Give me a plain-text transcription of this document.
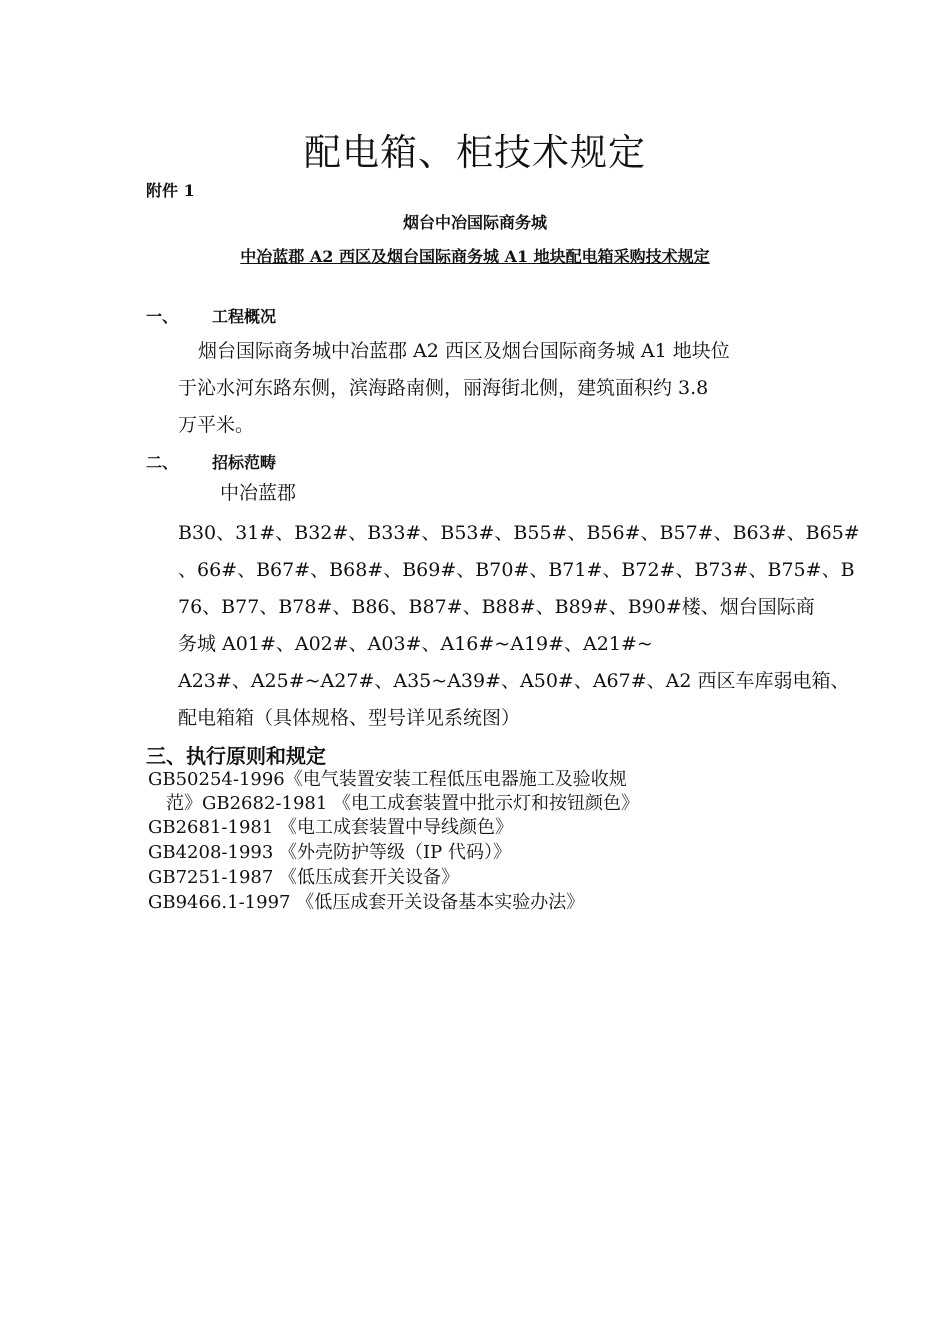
配电箱、柜技术规定
附件 1
烟台中冶国际商务城
中冶蓝郡 A2 西区及烟台国际商务城 A1 地块配电箱采购技术规定
一、 工程概况
烟台国际商务城中冶蓝郡 A2 西区及烟台国际商务城 A1 地块位
于沁水河东路东侧，滨海路南侧，丽海街北侧，建筑面积约 3.8
万平米。
二、 招标范畴
中冶蓝郡
B30、31#、B32#、B33#、B53#、B55#、B56#、B57#、B63#、B65#
、66#、B67#、B68#、B69#、B70#、B71#、B72#、B73#、B75#、B
76、B77、B78#、B86、B87#、B88#、B89#、B90#楼、烟台国际商
务城 A01#、A02#、A03#、A16#~A19#、A21#~
A23#、A25#~A27#、A35~A39#、A50#、A67#、A2 西区车库弱电箱、
配电箱箱（具体规格、型号详见系统图）
三、执行原则和规定
GB50254-1996《电气装置安装工程低压电器施工及验收规
范》GB2682-1981 《电工成套装置中批示灯和按钮颜色》
GB2681-1981 《电工成套装置中导线颜色》
GB4208-1993 《外壳防护等级（IP 代码）》
GB7251-1987 《低压成套开关设备》
GB9466.1-1997 《低压成套开关设备基本实验办法》
